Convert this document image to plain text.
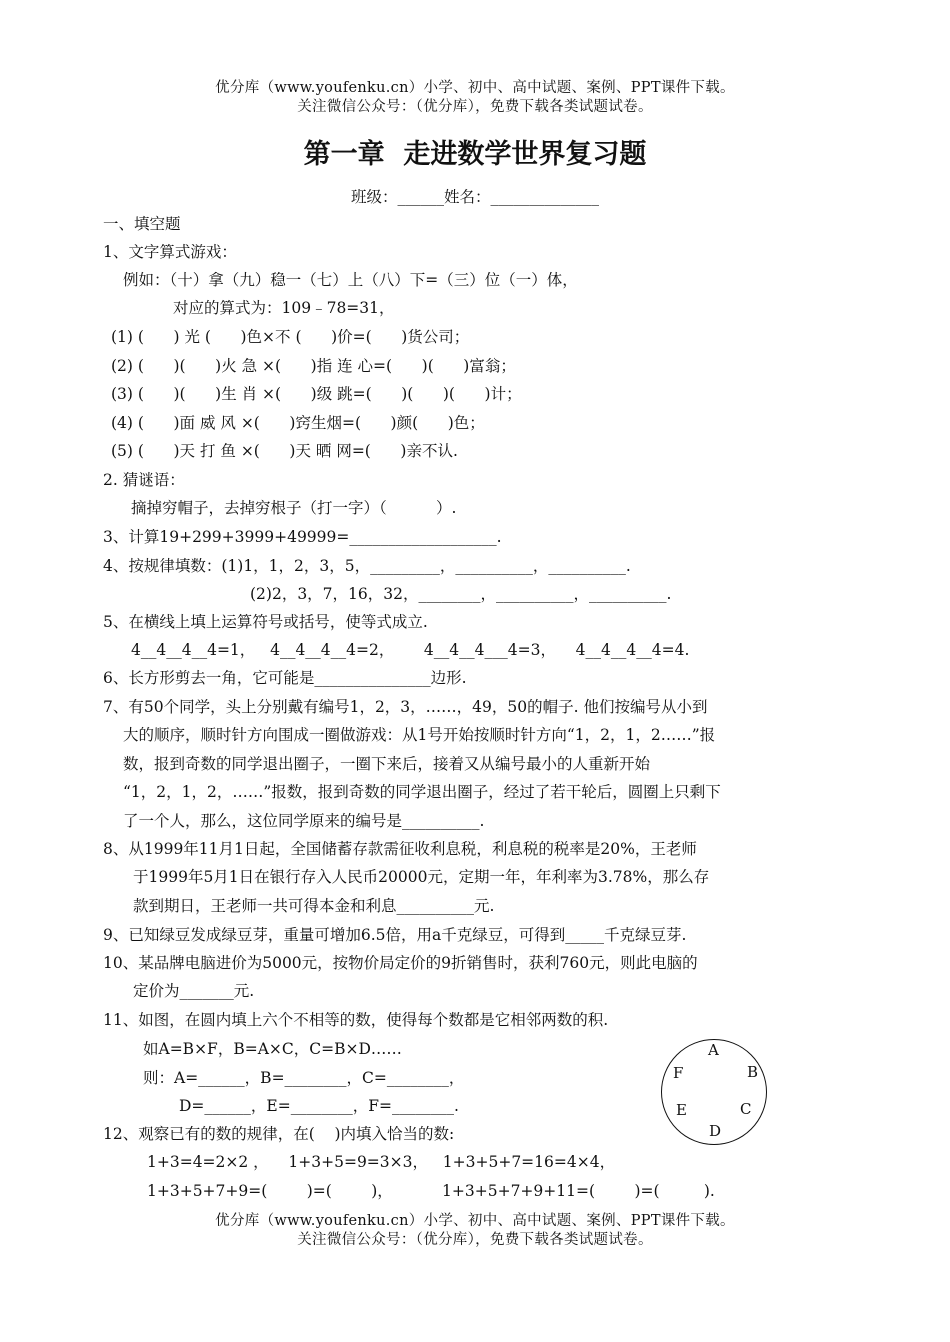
优分库（www.youfenku.cn）小学、初中、高中试题、案例、PPT课件下载。
关注微信公众号：（优分库），免费下载各类试题试卷。
第一章  走进数学世界复习题
班级：______姓名：______________
一、填空题
1、文字算式游戏：
例如：（十）拿（九）稳一（七）上（八）下=（三）位（一）体，
对应的算式为：109﹣78=31，
(1) (      ) 光 (      )色×不 (      )价=(      )货公司；
(2) (      )(      )火 急 ×(      )指 连 心=(      )(      )富翁；
(3) (      )(      )生 肖 ×(      )级 跳=(      )(      )(      )计；
(4) (      )面 威 风 ×(      )窍生烟=(      )颜(      )色；
(5) (      )天 打 鱼 ×(      )天 晒 网=(      )亲不认.
2. 猜谜语：
摘掉穷帽子，去掉穷根子（打一字）（          ）.
3、计算19+299+3999+49999=___________________.
4、按规律填数：(1)1，1，2，3，5，_________，__________，__________.
(2)2，3，7，16，32，________，__________，__________.
5、在横线上填上运算符号或括号，使等式成立.
4__4__4__4=1，   4__4__4__4=2，      4__4__4___4=3，    4__4__4__4=4.
6、长方形剪去一角，它可能是_______________边形.
7、有50个同学，头上分别戴有编号1，2，3，……，49，50的帽子. 他们按编号从小到
大的顺序，顺时针方向围成一圈做游戏：从1号开始按顺时针方向“1，2，1，2……”报
数，报到奇数的同学退出圈子，一圈下来后，接着又从编号最小的人重新开始
“1，2，1，2，……”报数，报到奇数的同学退出圈子，经过了若干轮后，圆圈上只剩下
了一个人，那么，这位同学原来的编号是__________.
8、从1999年11月1日起，全国储蓄存款需征收利息税，利息税的税率是20%，王老师
于1999年5月1日在银行存入人民币20000元，定期一年，年利率为3.78%，那么存
款到期日，王老师一共可得本金和利息__________元.
9、已知绿豆发成绿豆芽，重量可增加6.5倍，用a千克绿豆，可得到_____千克绿豆芽.
10、某品牌电脑进价为5000元，按物价局定价的9折销售时，获利760元，则此电脑的
定价为_______元.
11、如图，在圆内填上六个不相等的数，使得每个数都是它相邻两数的积.
如A=B×F，B=A×C，C=B×D……
则：A=______，B=________，C=________，
D=______，E=________，F=________.
A
B
C
D
E
F
12、观察已有的数的规律，在(    )内填入恰当的数:
1+3=4=2×2 ，    1+3+5=9=3×3，   1+3+5+7=16=4×4，
1+3+5+7+9=(        )=(        )，          1+3+5+7+9+11=(        )=(         ).
优分库（www.youfenku.cn）小学、初中、高中试题、案例、PPT课件下载。
关注微信公众号：（优分库），免费下载各类试题试卷。
